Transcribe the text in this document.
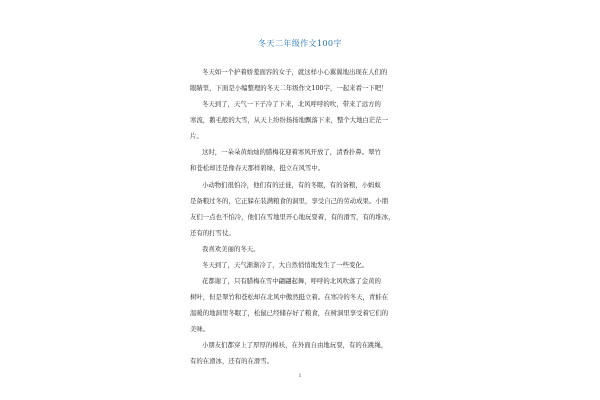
冬天二年级作文100字
冬天如一个护着娇羞面容的女子，就这样小心翼翼地出现在人们的
眼睛里，下面是小编整理的冬天二年级作文100字，一起来看一下吧！
冬天到了，天气一下子冷了下来，北风呼呼的吹，带来了远方的
寒流，鹅毛般的大雪，从天上纷纷扬扬地飘落下来，整个大地白茫茫一
片。
这时，一朵朵黄灿灿的腊梅花迎着寒风开放了，清香扑鼻。翠竹
和苍松却还是像春天那样碧绿，挺立在风雪中。
小动物们很怕冷，他们有的迁徙，有的冬眠，有的备粮，小蚂蚁
是备粮过冬的，它正躲在装满粮食的洞里，享受自己的劳动成果。小朋
友们一点也不怕冷，他们在雪地里开心地玩耍着，有的滑雪，有的堆冰，
还有的打雪仗。
我喜欢美丽的冬天。
冬天到了，天气渐渐冷了，大自然悄悄地发生了一些变化。
花都谢了，只有腊梅在雪中翩翩起舞，呼呼的北风吹落了金黄的
树叶，但是翠竹和苍松却在北风中傲然挺立着。在寒冷的冬天，青蛙在
温暖的地洞里冬眠了，松鼠已经储存好了粮食，在树洞里享受着它们的
美味。
小朋友们都穿上了厚厚的棉袄，在外面自由地玩耍，有的在跳绳，
有的在滑冰，还有的在滑雪。
1
